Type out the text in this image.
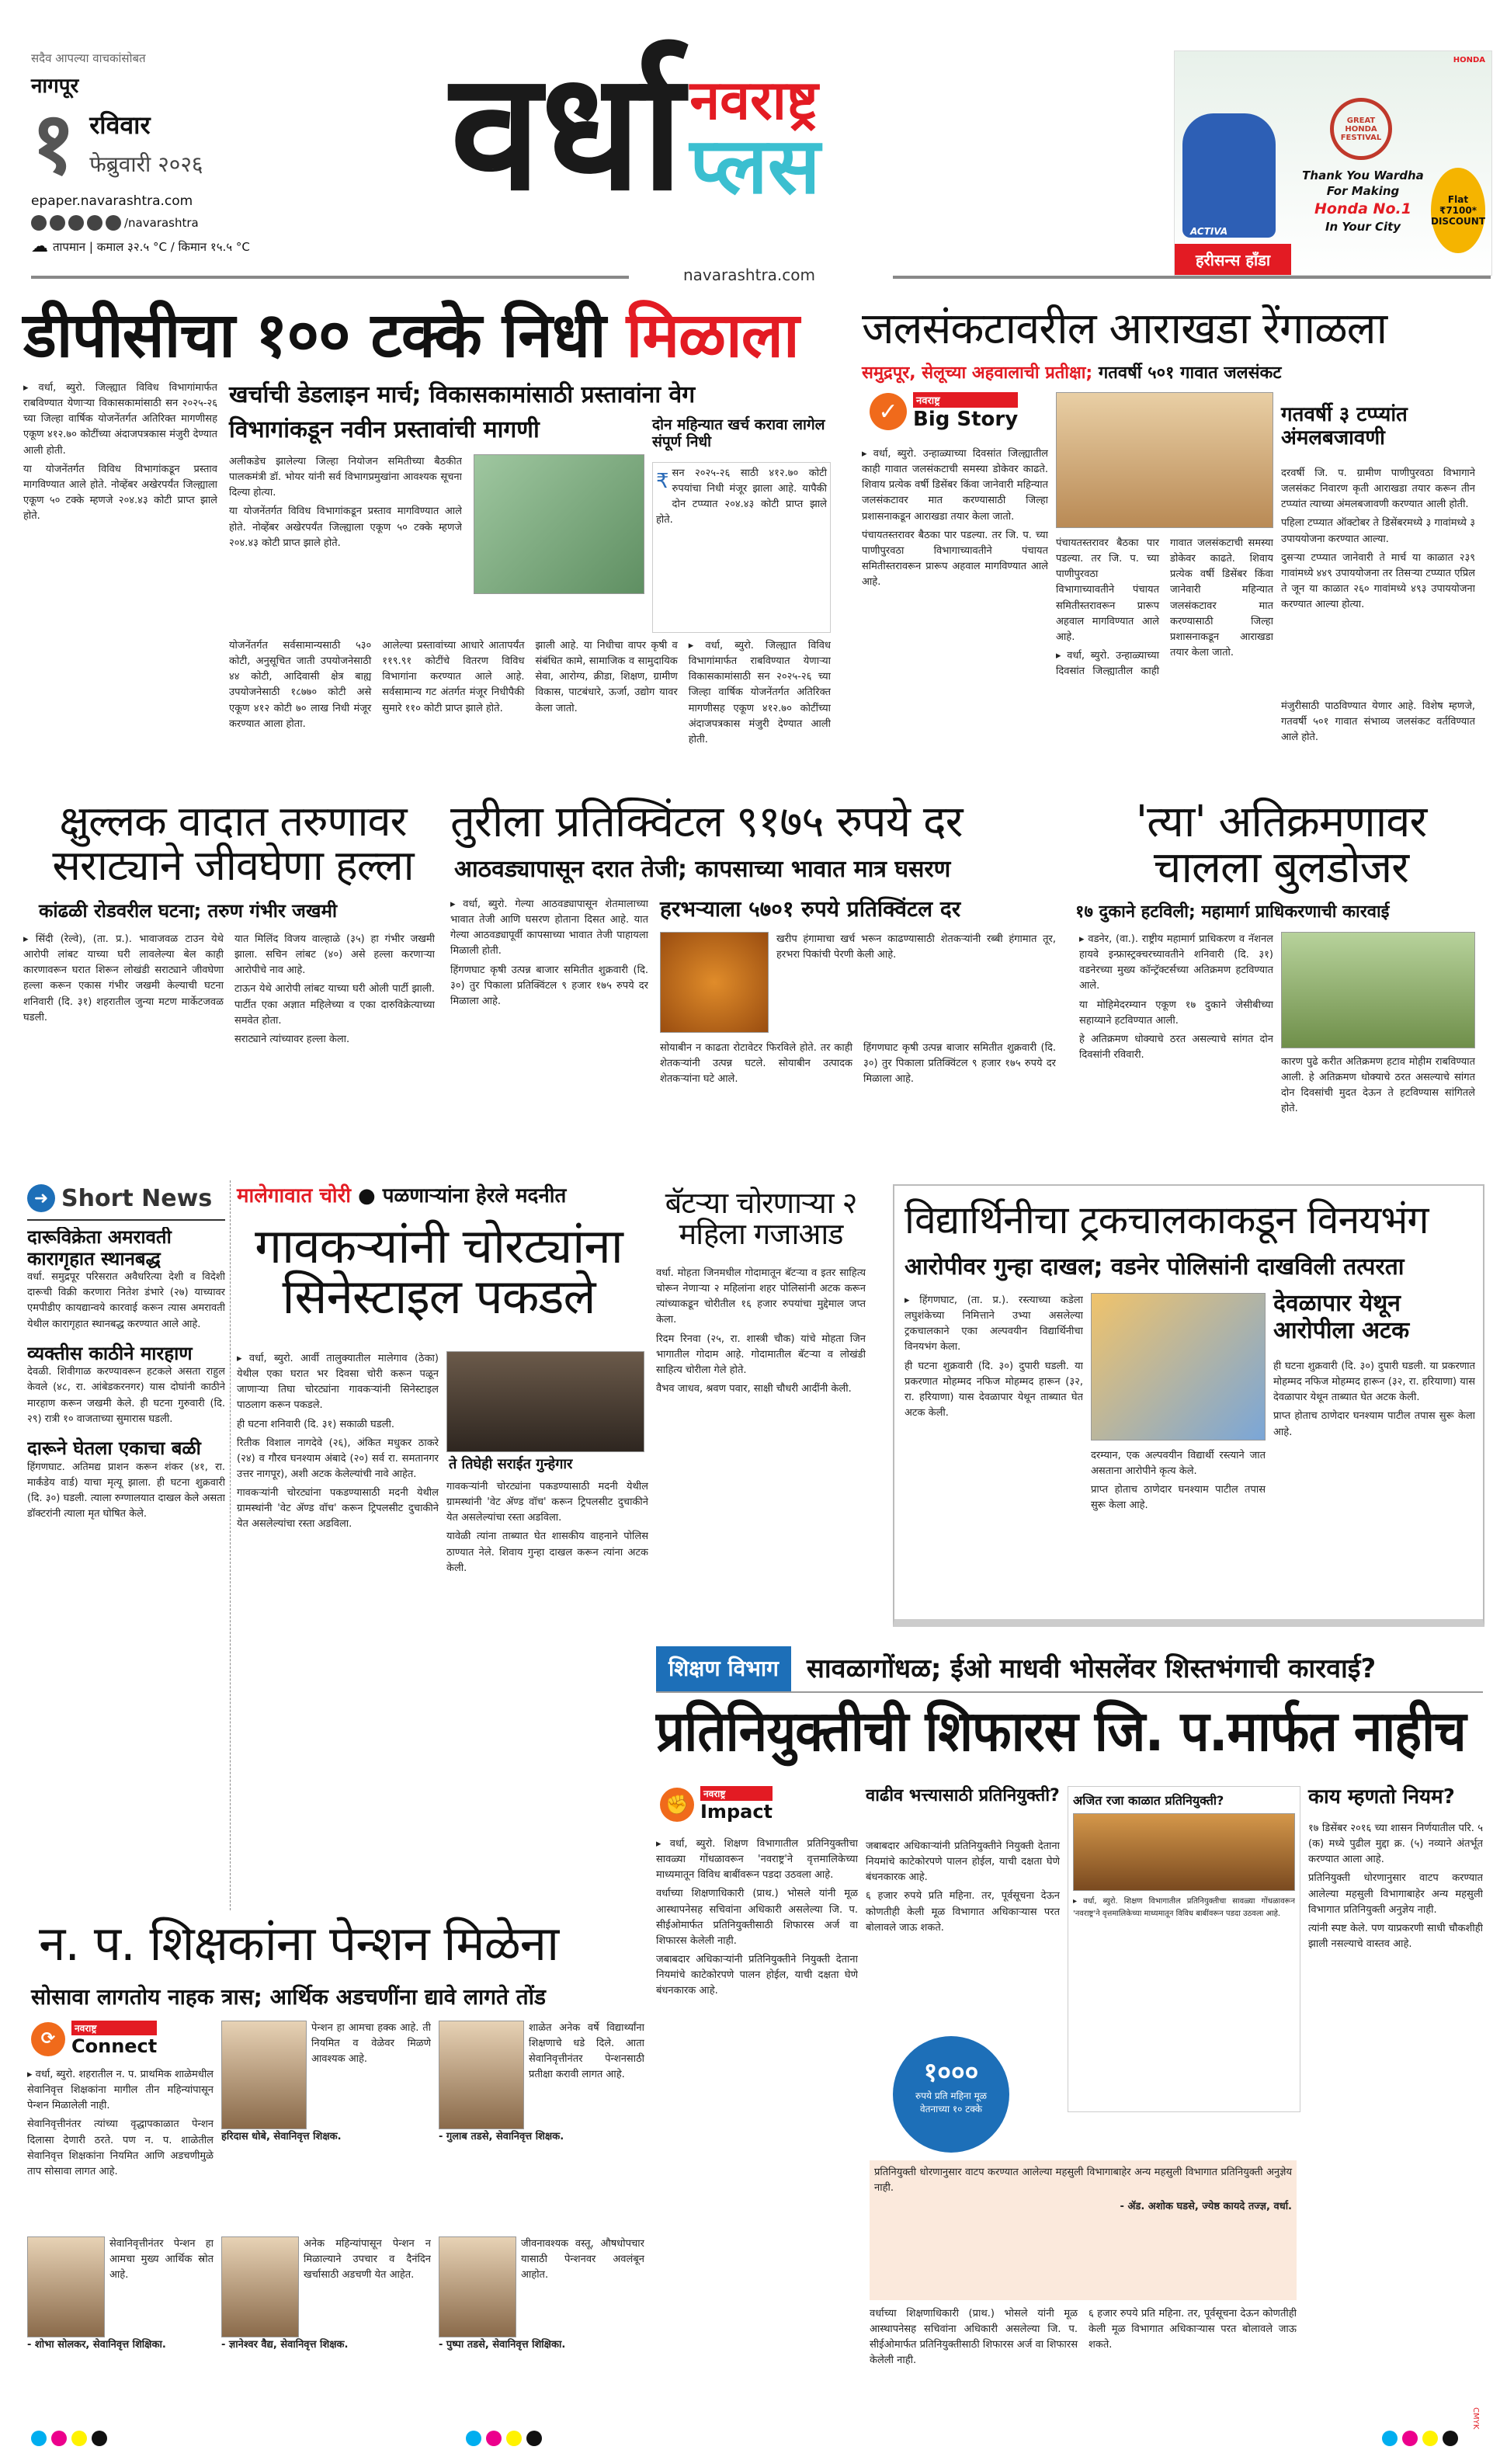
सदैव आपल्या वाचकांसोबत
नागपूर
१ रविवार
फेब्रुवारी २०२६
epaper.navarashtra.com
/navarashtra
☁ तापमान | कमाल ३२.५ °C / किमान १५.५ °C
वर्धा नवराष्ट्र
प्लस
navarashtra.com
HONDA
ACTIVA
GREAT HONDA FESTIVAL
Thank You Wardha
For Making
Honda No.1
In Your City
Flat ₹7100* DISCOUNT
हरीसन्स हॉंडा
डीपीसीचा १०० टक्के निधी मिळाला

▸ वर्धा, ब्युरो. जिल्ह्यात विविध विभागांमार्फत राबविण्यात येणाऱ्या विकासकामांसाठी सन २०२५-२६ च्या जिल्हा वार्षिक योजनेंतर्गत अतिरिक्त मागणीसह एकूण ४१२.७० कोटींच्या अंदाजपत्रकास मंजुरी देण्यात आली होती.

या योजनेंतर्गत विविध विभागांकडून प्रस्ताव मागविण्यात आले होते. नोव्हेंबर अखेरपर्यंत जिल्ह्याला एकूण ५० टक्के म्हणजे २०४.४३ कोटी प्राप्त झाले होते.

खर्चाची डेडलाइन मार्च; विकासकामांसाठी प्रस्तावांना वेग
विभागांकडून नवीन प्रस्तावांची मागणी	दोन महिन्यात खर्च करावा लागेल संपूर्ण निधी

अलीकडेच झालेल्या जिल्हा नियोजन समितीच्या बैठकीत पालकमंत्री डॉ. भोयर यांनी सर्व विभागप्रमुखांना आवश्यक सूचना दिल्या होत्या.

या योजनेंतर्गत विविध विभागांकडून प्रस्ताव मागविण्यात आले होते. नोव्हेंबर अखेरपर्यंत जिल्ह्याला एकूण ५० टक्के म्हणजे २०४.४३ कोटी प्राप्त झाले होते.

₹ सन २०२५-२६ साठी ४१२.७० कोटी रुपयांचा निधी मंजूर झाला आहे. यापैकी दोन टप्प्यात २०४.४३ कोटी प्राप्त झाले होते.

योजनेंतर्गत सर्वसामान्यसाठी ५३० कोटी, अनुसूचित जाती उपयोजनेसाठी ४४ कोटी, आदिवासी क्षेत्र बाह्य उपयोजनेसाठी १८७७० कोटी असे एकूण ४१२ कोटी ७० लाख निधी मंजूर करण्यात आला होता.

आलेल्या प्रस्तावांच्या आधारे आतापर्यंत ११९.९१ कोटींचे वितरण विविध विभागांना करण्यात आले आहे. सर्वसामान्य गट अंतर्गत मंजूर निधीपैकी सुमारे ११० कोटी प्राप्त झाले होते.

झाली आहे. या निधीचा वापर कृषी व संबंधित कामे, सामाजिक व सामुदायिक सेवा, आरोग्य, क्रीडा, शिक्षण, ग्रामीण विकास, पाटबंधारे, ऊर्जा, उद्योग यावर केला जातो.

▸ वर्धा, ब्युरो. जिल्ह्यात विविध विभागांमार्फत राबविण्यात येणाऱ्या विकासकामांसाठी सन २०२५-२६ च्या जिल्हा वार्षिक योजनेंतर्गत अतिरिक्त मागणीसह एकूण ४१२.७० कोटींच्या अंदाजपत्रकास मंजुरी देण्यात आली होती.

जलसंकटावरील आराखडा रेंगाळला
समुद्रपूर, सेलूच्या अहवालाची प्रतीक्षा; गतवर्षी ५०१ गावात जलसंकट
✓	नवराष्ट्र
Big Story

▸ वर्धा, ब्युरो. उन्हाळ्याच्या दिवसांत जिल्ह्यातील काही गावात जलसंकटाची समस्या डोकेवर काढते. शिवाय प्रत्येक वर्षी डिसेंबर किंवा जानेवारी महिन्यात जलसंकटावर मात करण्यासाठी जिल्हा प्रशासनाकडून आराखडा तयार केला जातो.

पंचायतस्तरावर बैठका पार पडल्या. तर जि. प. च्या पाणीपुरवठा विभागाच्यावतीने पंचायत समितीस्तरावरून प्रारूप अहवाल मागविण्यात आले आहे.

पंचायतस्तरावर बैठका पार पडल्या. तर जि. प. च्या पाणीपुरवठा विभागाच्यावतीने पंचायत समितीस्तरावरून प्रारूप अहवाल मागविण्यात आले आहे.

▸ वर्धा, ब्युरो. उन्हाळ्याच्या दिवसांत जिल्ह्यातील काही गावात जलसंकटाची समस्या डोकेवर काढते. शिवाय प्रत्येक वर्षी डिसेंबर किंवा जानेवारी महिन्यात जलसंकटावर मात करण्यासाठी जिल्हा प्रशासनाकडून आराखडा तयार केला जातो.

गतवर्षी ३ टप्प्यांत अंमलबजावणी

दरवर्षी जि. प. ग्रामीण पाणीपुरवठा विभागाने जलसंकट निवारण कृती आराखडा तयार करून तीन टप्प्यांत त्याच्या अंमलबजावणी करण्यात आली होती.

पहिला टप्प्यात ऑक्टोबर ते डिसेंबरमध्ये ३ गावांमध्ये ३ उपाययोजना करण्यात आल्या.

दुसऱ्या टप्प्यात जानेवारी ते मार्च या काळात २३९ गावांमध्ये ४४९ उपाययोजना तर तिसऱ्या टप्प्यात एप्रिल ते जून या काळात २६० गावांमध्ये ४९३ उपाययोजना करण्यात आल्या होत्या.

मंजुरीसाठी पाठविण्यात येणार आहे. विशेष म्हणजे, गतवर्षी ५०१ गावात संभाव्य जलसंकट वर्तविण्यात आले होते.

क्षुल्लक वादात तरुणावर सराट्याने जीवघेणा हल्ला
कांढळी रोडवरील घटना; तरुण गंभीर जखमी

▸ सिंदी (रेल्वे), (ता. प्र.). भावाजवळ टाउन येथे आरोपी लांबट याच्या घरी लावलेल्या बेल काही कारणावरून घरात शिरून लोखंडी सराट्याने जीवघेणा हल्ला करून एकास गंभीर जखमी केल्याची घटना शनिवारी (दि. ३१) शहरातील जुन्या मटण मार्केटजवळ घडली.

यात मिलिंद विजय वाल्हाळे (३५) हा गंभीर जखमी झाला. सचिन लांबट (४०) असे हल्ला करणाऱ्या आरोपीचे नाव आहे.

टाऊन येथे आरोपी लांबट याच्या घरी ओली पार्टी झाली. पार्टीत एका अज्ञात महिलेच्या व एका दारुविक्रेत्याच्या समवेत होता.

सराट्याने त्यांच्यावर हल्ला केला.

तुरीला प्रतिक्विंटल ९१७५ रुपये दर
आठवड्यापासून दरात तेजी; कापसाच्या भावात मात्र घसरण
हरभऱ्याला ५७०१ रुपये प्रतिक्विंटल दर

▸ वर्धा, ब्युरो. गेल्या आठवड्यापासून शेतमालाच्या भावात तेजी आणि घसरण होताना दिसत आहे. यात गेल्या आठवड्यापूर्वी कापसाच्या भावात तेजी पाहायला मिळाली होती.

हिंगणघाट कृषी उत्पन्न बाजार समितीत शुक्रवारी (दि. ३०) तुर पिकाला प्रतिक्विंटल ९ हजार १७५ रुपये दर मिळाला आहे.

खरीप हंगामाचा खर्च भरून काढण्यासाठी शेतकऱ्यांनी रब्बी हंगामात तूर, हरभरा पिकांची पेरणी केली आहे.

सोयाबीन न काढता रोटावेटर फिरविले होते. तर काही शेतकऱ्यांनी उत्पन्न घटले. सोयाबीन उत्पादक शेतकऱ्यांना घटे आले.

हिंगणघाट कृषी उत्पन्न बाजार समितीत शुक्रवारी (दि. ३०) तुर पिकाला प्रतिक्विंटल ९ हजार १७५ रुपये दर मिळाला आहे.

'त्या' अतिक्रमणावर चालला बुलडोजर
१७ दुकाने हटविली; महामार्ग प्राधिकरणाची कारवाई

▸ वडनेर, (वा.). राष्ट्रीय महामार्ग प्राधिकरण व नॅशनल हायवे इन्फ्रास्ट्रक्चरच्यावतीने शनिवारी (दि. ३१) वडनेरच्या मुख्य कॉन्ट्रॅक्टर्सच्या अतिक्रमण हटविण्यात आले.

या मोहिमेदरम्यान एकूण १७ दुकाने जेसीबीच्या सहाय्याने हटविण्यात आली.

हे अतिक्रमण धोक्याचे ठरत असल्याचे सांगत दोन दिवसांनी रविवारी.

कारण पुढे करीत अतिक्रमण हटाव मोहीम राबविण्यात आली. हे अतिक्रमण धोक्याचे ठरत असल्याचे सांगत दोन दिवसांची मुदत देऊन ते हटविण्यास सांगितले होते.

➜ Short News
दारूविक्रेता अमरावती कारागृहात स्थानबद्ध
वर्धा. समुद्रपूर परिसरात अवैधरित्या देशी व विदेशी दारूची विक्री करणारा नितेश डंभारे (२७) याच्यावर एमपीडीए कायद्यान्वये कारवाई करून त्यास अमरावती येथील कारागृहात स्थानबद्ध करण्यात आले आहे.
व्यक्तीस काठीने मारहाण
देवळी. शिवीगाळ करण्यावरून हटकले असता राहुल केवले (४८, रा. आंबेडकरनगर) यास दोघांनी काठीने मारहाण करून जखमी केले. ही घटना गुरुवारी (दि. २९) रात्री १० वाजताच्या सुमारास घडली.
दारूने घेतला एकाचा बळी
हिंगणघाट. अतिमद्य प्राशन करून शंकर (४१, रा. मार्कंडेय वार्ड) याचा मृत्यू झाला. ही घटना शुक्रवारी (दि. ३०) घडली. त्याला रुग्णालयात दाखल केले असता डॉक्टरांनी त्याला मृत घोषित केले.
मालेगावात चोरी ● पळणाऱ्यांना हेरले मदनीत
गावकऱ्यांनी चोरट्यांना सिनेस्टाइल पकडले

▸ वर्धा, ब्युरो. आर्वी तालुक्यातील मालेगाव (ठेका) येथील एका घरात भर दिवसा चोरी करून पळून जाणाऱ्या तिघा चोरट्यांना गावकऱ्यांनी सिनेस्टाइल पाठलाग करून पकडले.

ही घटना शनिवारी (दि. ३१) सकाळी घडली.

रितीक विशाल नागदेवे (२६), अंकित मधुकर ठाकरे (२४) व गौरव घनश्याम अंबादे (२०) सर्व रा. समतानगर उत्तर नागपूर), अशी अटक केलेल्यांची नावे आहेत.

गावकऱ्यांनी चोरट्यांना पकडण्यासाठी मदनी येथील ग्रामस्थांनी 'वेट ॲण्ड वॉच' करून ट्रिपलसीट दुचाकीने येत असलेल्यांचा रस्ता अडविला.

ते तिघेही सराईत गुन्हेगार

गावकऱ्यांनी चोरट्यांना पकडण्यासाठी मदनी येथील ग्रामस्थांनी 'वेट ॲण्ड वॉच' करून ट्रिपलसीट दुचाकीने येत असलेल्यांचा रस्ता अडविला.

यावेळी त्यांना ताब्यात घेत शासकीय वाहनाने पोलिस ठाण्यात नेले. शिवाय गुन्हा दाखल करून त्यांना अटक केली.

बॅटऱ्या चोरणाऱ्या २ महिला गजाआड

वर्धा. मोहता जिनमधील गोदामातून बॅटऱ्या व इतर साहित्य चोरून नेणाऱ्या २ महिलांना शहर पोलिसांनी अटक करून त्यांच्याकडून चोरीतील १६ हजार रुपयांचा मुद्देमाल जप्त केला.

रिदम रिनवा (२५, रा. शास्त्री चौक) यांचे मोहता जिन भागातील गोदाम आहे. गोदामातील बॅटऱ्या व लोखंडी साहित्य चोरीला गेले होते.

वैभव जाधव, श्रवण पवार, साक्षी चौधरी आदींनी केली.

विद्यार्थिनीचा ट्रकचालकाकडून विनयभंग
आरोपीवर गुन्हा दाखल; वडनेर पोलिसांनी दाखविली तत्परता

▸ हिंगणघाट, (ता. प्र.). रस्त्याच्या कडेला लघुशंकेच्या निमित्ताने उभ्या असलेल्या ट्रकचालकाने एका अल्पवयीन विद्यार्थिनीचा विनयभंग केला.

ही घटना शुक्रवारी (दि. ३०) दुपारी घडली. या प्रकरणात मोहम्मद नफिज मोहम्मद हारून (३२, रा. हरियाणा) यास देवळापार येथून ताब्यात घेत अटक केली.

दरम्यान, एक अल्पवयीन विद्यार्थी रस्त्याने जात असताना आरोपीने कृत्य केले.

प्राप्त होताच ठाणेदार घनश्याम पाटील तपास सुरू केला आहे.

देवळापार येथून आरोपीला अटक

ही घटना शुक्रवारी (दि. ३०) दुपारी घडली. या प्रकरणात मोहम्मद नफिज मोहम्मद हारून (३२, रा. हरियाणा) यास देवळापार येथून ताब्यात घेत अटक केली.

प्राप्त होताच ठाणेदार घनश्याम पाटील तपास सुरू केला आहे.

शिक्षण विभाग	सावळागोंधळ; ईओ माधवी भोसलेंवर शिस्तभंगाची कारवाई?
प्रतिनियुक्तीची शिफारस जि. प.मार्फत नाहीच
✊	नवराष्ट्र
Impact

▸ वर्धा, ब्युरो. शिक्षण विभागातील प्रतिनियुक्तीचा सावळ्या गोंधळावरून 'नवराष्ट्र'ने वृत्तमालिकेच्या माध्यमातून विविध बाबींवरून पडदा उठवला आहे.

वर्धाच्या शिक्षणाधिकारी (प्राथ.) भोसले यांनी मूळ आस्थापनेसह सचिवांना अधिकारी असलेल्या जि. प. सीईओमार्फत प्रतिनियुक्तीसाठी शिफारस अर्ज वा शिफारस केलेली नाही.

जबाबदार अधिकाऱ्यांनी प्रतिनियुक्तीने नियुक्ती देताना नियमांचे काटेकोरपणे पालन होईल, याची दक्षता घेणे बंधनकारक आहे.

वाढीव भत्त्यासाठी प्रतिनियुक्ती?

जबाबदार अधिकाऱ्यांनी प्रतिनियुक्तीने नियुक्ती देताना नियमांचे काटेकोरपणे पालन होईल, याची दक्षता घेणे बंधनकारक आहे.

६ हजार रुपये प्रति महिना. तर, पूर्वसूचना देऊन कोणतीही केली मूळ विभागात अधिकाऱ्यास परत बोलावले जाऊ शकते.

१०००
रुपये प्रति महिना मूळ वेतनाच्या १० टक्के
अजित रजा काळात प्रतिनियुक्ती?
▸ वर्धा, ब्युरो. शिक्षण विभागातील प्रतिनियुक्तीचा सावळ्या गोंधळावरून 'नवराष्ट्र'ने वृत्तमालिकेच्या माध्यमातून विविध बाबींवरून पडदा उठवला आहे.

प्रतिनियुक्ती धोरणानुसार वाटप करण्यात आलेल्या महसुली विभागाबाहेर अन्य महसुली विभागात प्रतिनियुक्ती अनुज्ञेय नाही.

- ॲड. अशोक घडसे, ज्येष्ठ कायदे तज्ज्ञ, वर्धा.

वर्धाच्या शिक्षणाधिकारी (प्राथ.) भोसले यांनी मूळ आस्थापनेसह सचिवांना अधिकारी असलेल्या जि. प. सीईओमार्फत प्रतिनियुक्तीसाठी शिफारस अर्ज वा शिफारस केलेली नाही.

६ हजार रुपये प्रति महिना. तर, पूर्वसूचना देऊन कोणतीही केली मूळ विभागात अधिकाऱ्यास परत बोलावले जाऊ शकते.

काय म्हणतो नियम?

१७ डिसेंबर २०१६ च्या शासन निर्णयातील परि. ५ (क) मध्ये पुढील मुद्दा क्र. (५) नव्याने अंतर्भूत करण्यात आला आहे.

प्रतिनियुक्ती धोरणानुसार वाटप करण्यात आलेल्या महसुली विभागाबाहेर अन्य महसुली विभागात प्रतिनियुक्ती अनुज्ञेय नाही.

त्यांनी स्पष्ट केले. पण याप्रकरणी साधी चौकशीही झाली नसल्याचे वास्तव आहे.

न. प. शिक्षकांना पेन्शन मिळेना
सोसावा लागतोय नाहक त्रास; आर्थिक अडचणींना द्यावे लागते तोंड
⟳
नवराष्ट्र
Connect

▸ वर्धा, ब्युरो. शहरातील न. प. प्राथमिक शाळेमधील सेवानिवृत्त शिक्षकांना मागील तीन महिन्यांपासून पेन्शन मिळालेली नाही.

सेवानिवृत्तीनंतर त्यांच्या वृद्धापकाळात पेन्शन दिलासा देणारी ठरते. पण न. प. शाळेतील सेवानिवृत्त शिक्षकांना नियमित आणि अडचणीमुळे ताप सोसावा लागत आहे.

पेन्शन हा आमचा हक्क आहे. ती नियमित व वेळेवर मिळणे आवश्यक आहे.
हरिदास धोबे, सेवानिवृत्त शिक्षक.
शाळेत अनेक वर्षे विद्यार्थ्यांना शिक्षणाचे धडे दिले. आता सेवानिवृत्तीनंतर पेन्शनसाठी प्रतीक्षा करावी लागत आहे.
- गुलाब तडसे, सेवानिवृत्त शिक्षक.
सेवानिवृत्तीनंतर पेन्शन हा आमचा मुख्य आर्थिक स्रोत आहे.
- शोभा सोलकर, सेवानिवृत्त शिक्षिका.
अनेक महिन्यांपासून पेन्शन न मिळाल्याने उपचार व दैनंदिन खर्चासाठी अडचणी येत आहेत.
- ज्ञानेश्वर वैद्य, सेवानिवृत्त शिक्षक.
जीवनावश्यक वस्तू, औषधोपचार यासाठी पेन्शनवर अवलंबून आहोत.
- पुष्पा तडसे, सेवानिवृत्त शिक्षिका.
CMYK
